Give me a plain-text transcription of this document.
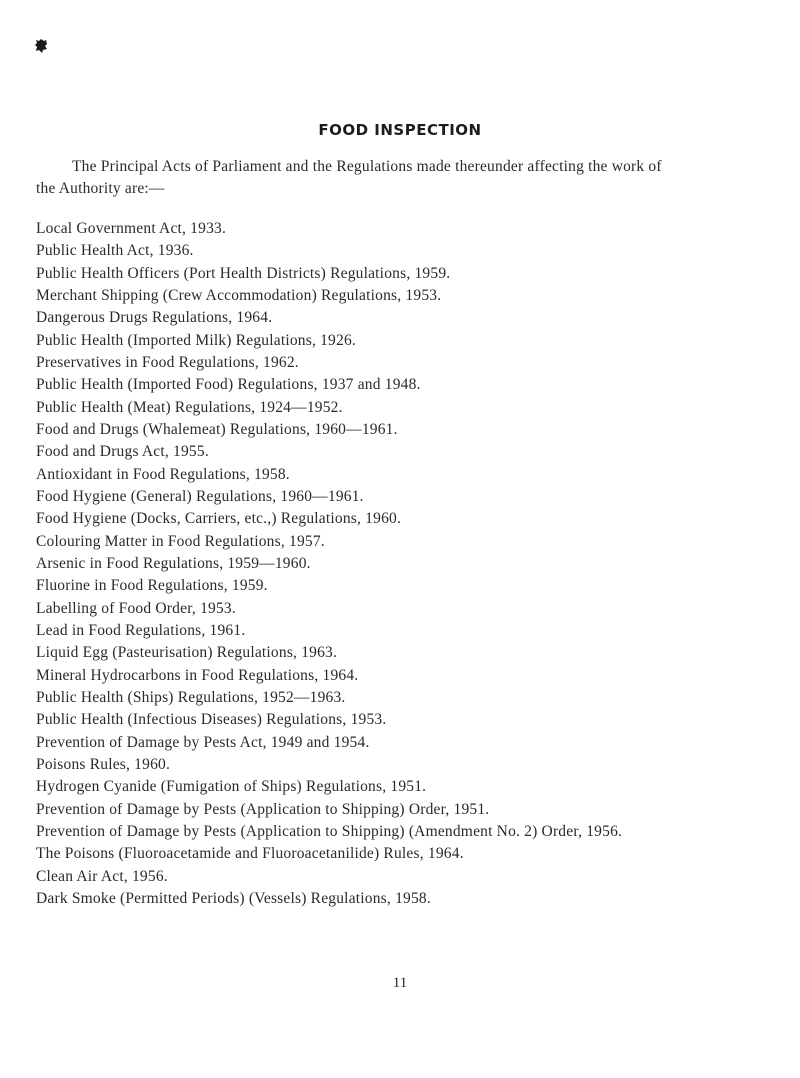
FOOD INSPECTION
The Principal Acts of Parliament and the Regulations made thereunder affecting the work of
the Authority are:—
Local Government Act, 1933.
Public Health Act, 1936.
Public Health Officers (Port Health Districts) Regulations, 1959.
Merchant Shipping (Crew Accommodation) Regulations, 1953.
Dangerous Drugs Regulations, 1964.
Public Health (Imported Milk) Regulations, 1926.
Preservatives in Food Regulations, 1962.
Public Health (Imported Food) Regulations, 1937 and 1948.
Public Health (Meat) Regulations, 1924—1952.
Food and Drugs (Whalemeat) Regulations, 1960—1961.
Food and Drugs Act, 1955.
Antioxidant in Food Regulations, 1958.
Food Hygiene (General) Regulations, 1960—1961.
Food Hygiene (Docks, Carriers, etc.,) Regulations, 1960.
Colouring Matter in Food Regulations, 1957.
Arsenic in Food Regulations, 1959—1960.
Fluorine in Food Regulations, 1959.
Labelling of Food Order, 1953.
Lead in Food Regulations, 1961.
Liquid Egg (Pasteurisation) Regulations, 1963.
Mineral Hydrocarbons in Food Regulations, 1964.
Public Health (Ships) Regulations, 1952—1963.
Public Health (Infectious Diseases) Regulations, 1953.
Prevention of Damage by Pests Act, 1949 and 1954.
Poisons Rules, 1960.
Hydrogen Cyanide (Fumigation of Ships) Regulations, 1951.
Prevention of Damage by Pests (Application to Shipping) Order, 1951.
Prevention of Damage by Pests (Application to Shipping) (Amendment No. 2) Order, 1956.
The Poisons (Fluoroacetamide and Fluoroacetanilide) Rules, 1964.
Clean Air Act, 1956.
Dark Smoke (Permitted Periods) (Vessels) Regulations, 1958.
11
